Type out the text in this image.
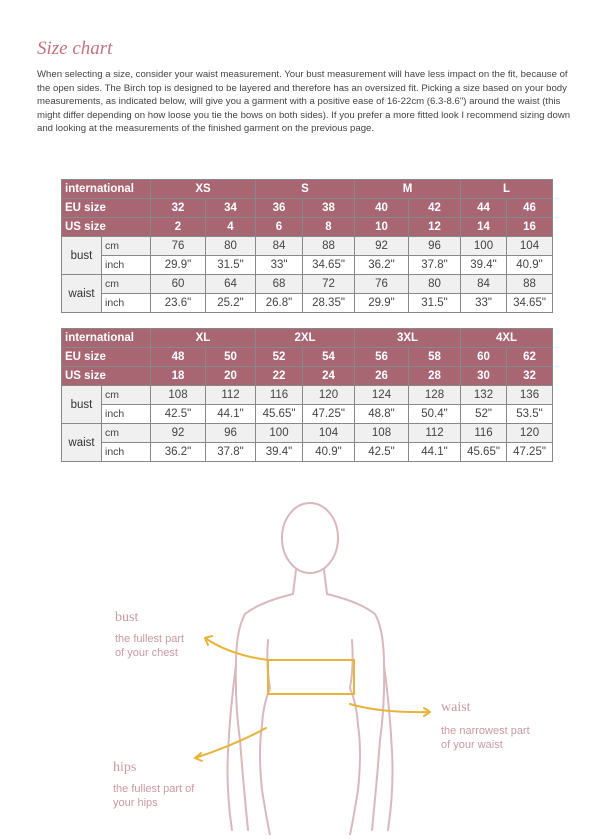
Size chart
When selecting a size, consider your waist measurement. Your bust measurement will have less impact on the fit, because of the open sides. The Birch top is designed to be layered and therefore has an oversized fit. Picking a size based on your body measurements, as indicated below, will give you a garment with a positive ease of 16-22cm (6.3-8.6") around the waist (this might differ depending on how loose you tie the bows on both sides). If you prefer a more fitted look I recommend sizing down and looking at the measurements of the finished garment on the previous page.
international		XS		S		M		L	
EU size		32	34	36	38	40	42	44	46
US size		2	4	6	8	10	12	14	16
bust	cm	76	80	84	88	92	96	100	104
	inch	29.9"	31.5"	33"	34.65"	36.2"	37.8"	39.4"	40.9"
waist	cm	60	64	68	72	76	80	84	88
	inch	23.6"	25.2"	26.8"	28.35"	29.9"	31.5"	33"	34.65"
international		XL		2XL		3XL		4XL	
EU size		48	50	52	54	56	58	60	62
US size		18	20	22	24	26	28	30	32
bust	cm	108	112	116	120	124	128	132	136
	inch	42.5"	44.1"	45.65"	47.25"	48.8"	50.4"	52"	53.5"
waist	cm	92	96	100	104	108	112	116	120
	inch	36.2"	37.8"	39.4"	40.9"	42.5"	44.1"	45.65"	47.25"
bust
the fullest part
of your chest
waist
the narrowest part
of your waist
hips
the fullest part of
your hips
